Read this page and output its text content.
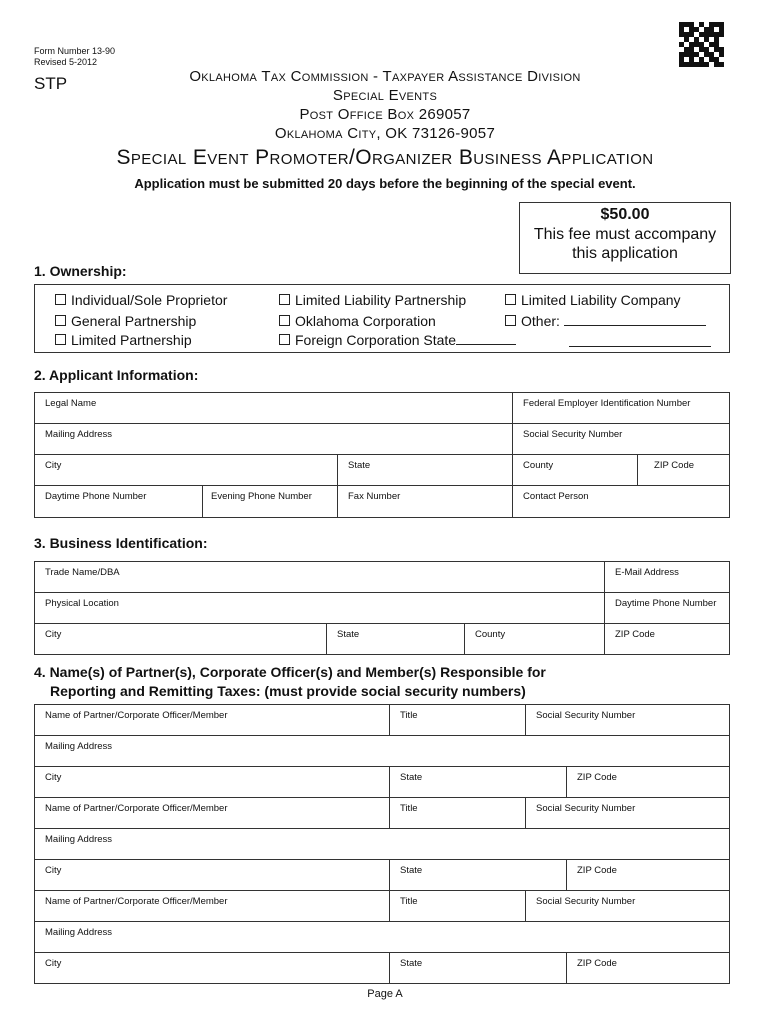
Form Number 13-90
Revised 5-2012
STP	Oklahoma Tax Commission - Taxpayer Assistance Division
Special Events
Post Office Box 269057
Oklahoma City, OK 73126-9057
Special Event Promoter/Organizer Business Application
Application must be submitted 20 days before the beginning of the special event.
$50.00
This fee must accompany
this application
1. Ownership:
Individual/Sole Proprietor	Limited Liability Partnership	Limited Liability Company
General Partnership	Oklahoma Corporation	Other:
Limited Partnership	Foreign Corporation State
2. Applicant Information:
Legal Name			Federal Employer Identification Number	
Mailing Address			Social Security Number	
City		State	County	ZIP Code
Daytime Phone Number	Evening Phone Number	Fax Number	Contact Person	
3. Business Identification:
Trade Name/DBA			E-Mail Address
Physical Location			Daytime Phone Number
City	State	County	ZIP Code
4. Name(s) of Partner(s), Corporate Officer(s) and Member(s) Responsible for
Reporting and Remitting Taxes: (must provide social security numbers)
Name of Partner/Corporate Officer/Member	Title	Social Security Number	
Mailing Address			
City	State		ZIP Code
Name of Partner/Corporate Officer/Member	Title	Social Security Number	
Mailing Address			
City	State		ZIP Code
Name of Partner/Corporate Officer/Member	Title	Social Security Number	
Mailing Address			
City	State		ZIP Code
Page A
